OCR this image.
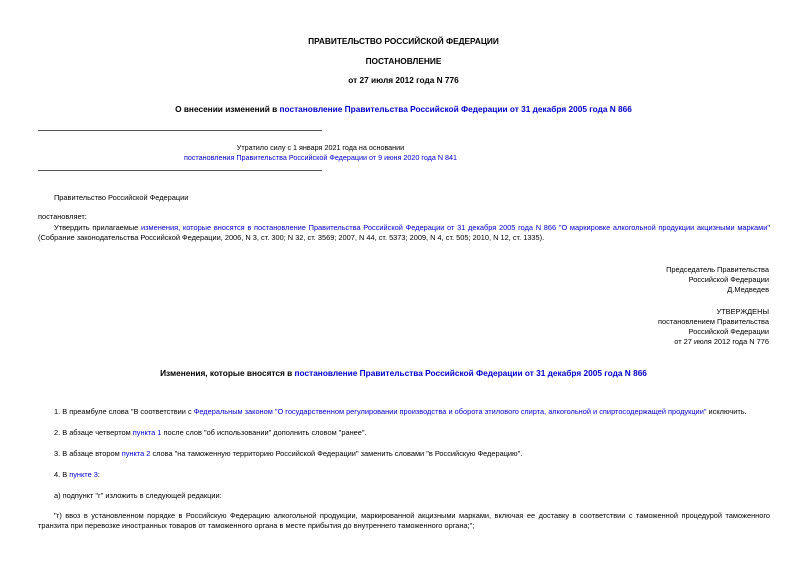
ПРАВИТЕЛЬСТВО РОССИЙСКОЙ ФЕДЕРАЦИИ
ПОСТАНОВЛЕНИЕ
от 27 июля 2012 года N 776
О внесении изменений в постановление Правительства Российской Федерации от 31 декабря 2005 года N 866
Утратило силу с 1 января 2021 года на основании
постановления Правительства Российской Федерации от 9 июня 2020 года N 841
Правительство Российской Федерации
постановляет:
Утвердить прилагаемые изменения, которые вносятся в постановление Правительства Российской Федерации от 31 декабря 2005 года N 866 "О маркировке алкогольной продукции акцизными марками" (Собрание законодательства Российской Федерации, 2006, N 3, ст. 300; N 32, ст. 3569; 2007, N 44, ст. 5373; 2009, N 4, ст. 505; 2010, N 12, ст. 1335).
Председатель Правительства
Российской Федерации
Д.Медведев
УТВЕРЖДЕНЫ
постановлением Правительства
Российской Федерации
от 27 июля 2012 года N 776
Изменения, которые вносятся в постановление Правительства Российской Федерации от 31 декабря 2005 года N 866
1. В преамбуле слова "В соответствии с Федеральным законом "О государственном регулировании производства и оборота этилового спирта, алкогольной и спиртосодержащей продукции" исключить.
2. В абзаце четвертом пункта 1 после слов "об использовании" дополнить словом "ранее".
3. В абзаце втором пункта 2 слова "на таможенную территорию Российской Федерации" заменить словами "в Российскую Федерацию".
4. В пункте 3:
а) подпункт "г" изложить в следующей редакции:
"г) ввоз в установленном порядке в Российскую Федерацию алкогольной продукции, маркированной акцизными марками, включая ее доставку в соответствии с таможенной процедурой таможенного транзита при перевозке иностранных товаров от таможенного органа в месте прибытия до внутреннего таможенного органа;";
